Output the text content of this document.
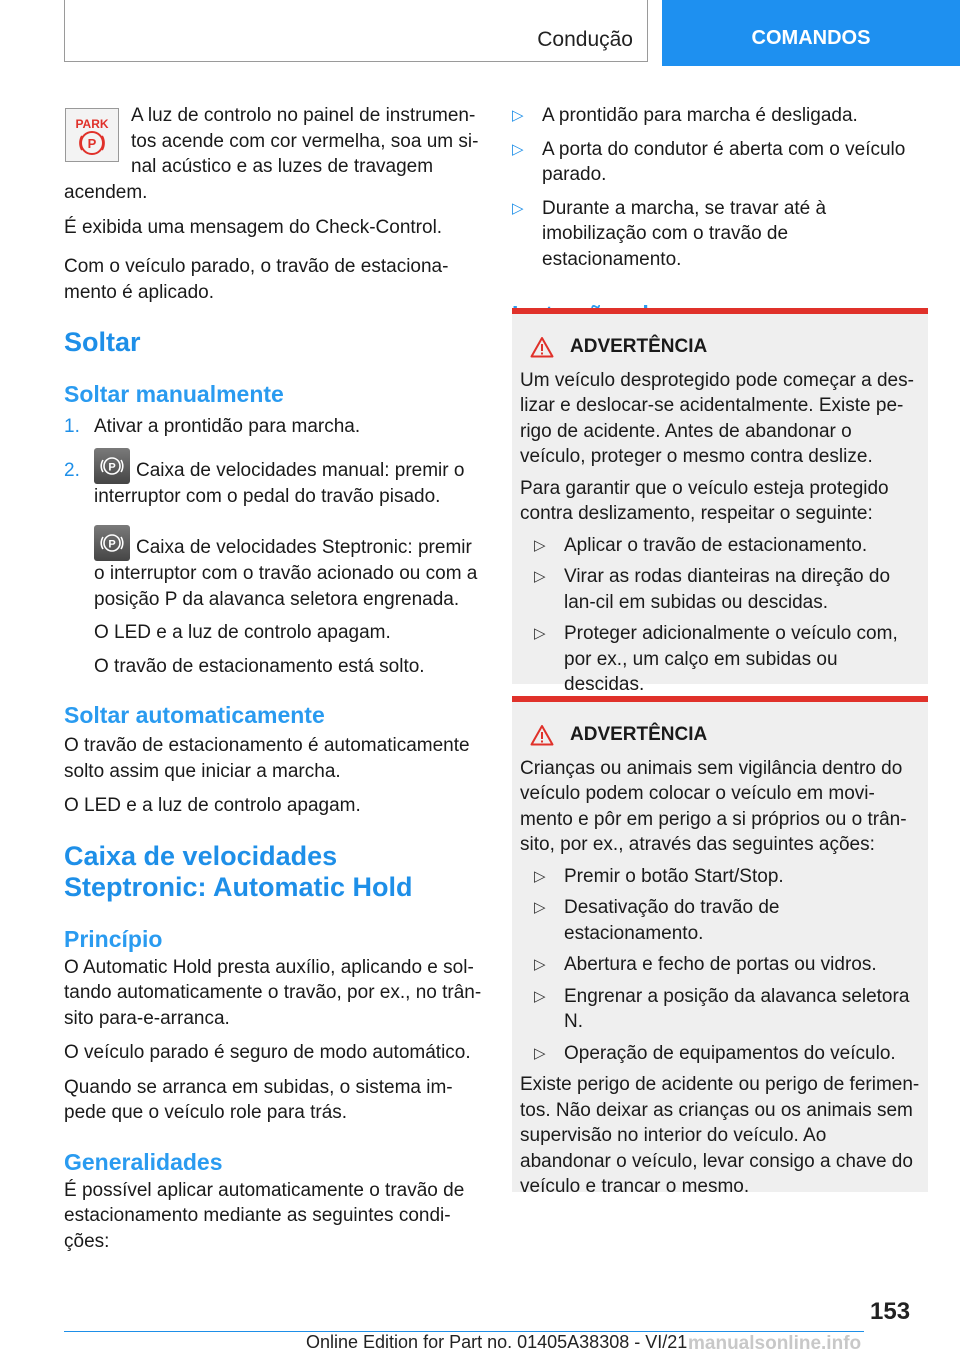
Condução	COMANDOS
PARK
P
A luz de controlo no painel de instrumen-
tos acende com cor vermelha, soa um si-
nal acústico e as luzes de travagem

acendem.

É exibida uma mensagem do Check-Control.

Com o veículo parado, o travão de estaciona-mento é aplicado.

Soltar
Soltar manualmente
1. Ativar a prontidão para marcha.
2.	P Caixa de velocidades manual: premir o interruptor com o pedal do travão pisado.
P Caixa de velocidades Steptronic: premir o interruptor com o travão acionado ou com a posição P da alavanca seletora engrenada.

O LED e a luz de controlo apagam.

O travão de estacionamento está solto.

Soltar automaticamente

O travão de estacionamento é automaticamente solto assim que iniciar a marcha.

O LED e a luz de controlo apagam.

Caixa de velocidades Steptronic: Automatic Hold
Princípio

O Automatic Hold presta auxílio, aplicando e sol-tando automaticamente o travão, por ex., no trân-sito para-e-arranca.

O veículo parado é seguro de modo automático.

Quando se arranca em subidas, o sistema im-pede que o veículo role para trás.

Generalidades

É possível aplicar automaticamente o travão de estacionamento mediante as seguintes condi-ções:

▷ A prontidão para marcha é desligada.
▷ A porta do condutor é aberta com o veículo parado.
▷ Durante a marcha, se travar até à imobilização com o travão de estacionamento.

ADVERTÊNCIA

Um veículo desprotegido pode começar a des-lizar e deslocar-se acidentalmente. Existe pe-rigo de acidente. Antes de abandonar o veículo, proteger o mesmo contra deslize.

Para garantir que o veículo esteja protegido contra deslizamento, respeitar o seguinte:

▷ Aplicar o travão de estacionamento.
▷ Virar as rodas dianteiras na direção do lan-cil em subidas ou descidas.
▷ Proteger adicionalmente o veículo com, por ex., um calço em subidas ou descidas.

ADVERTÊNCIA

Crianças ou animais sem vigilância dentro do veículo podem colocar o veículo em movi-mento e pôr em perigo a si próprios ou o trân-sito, por ex., através das seguintes ações:

▷ Premir o botão Start/Stop.
▷ Desativação do travão de estacionamento.
▷ Abertura e fecho de portas ou vidros.
▷ Engrenar a posição da alavanca seletora N.
▷ Operação de equipamentos do veículo.

Existe perigo de acidente ou perigo de ferimen-tos. Não deixar as crianças ou os animais sem supervisão no interior do veículo. Ao abandonar o veículo, levar consigo a chave do veículo e trancar o mesmo.

153
Online Edition for Part no. 01405A38308 - VI/21 manualsonline.info
